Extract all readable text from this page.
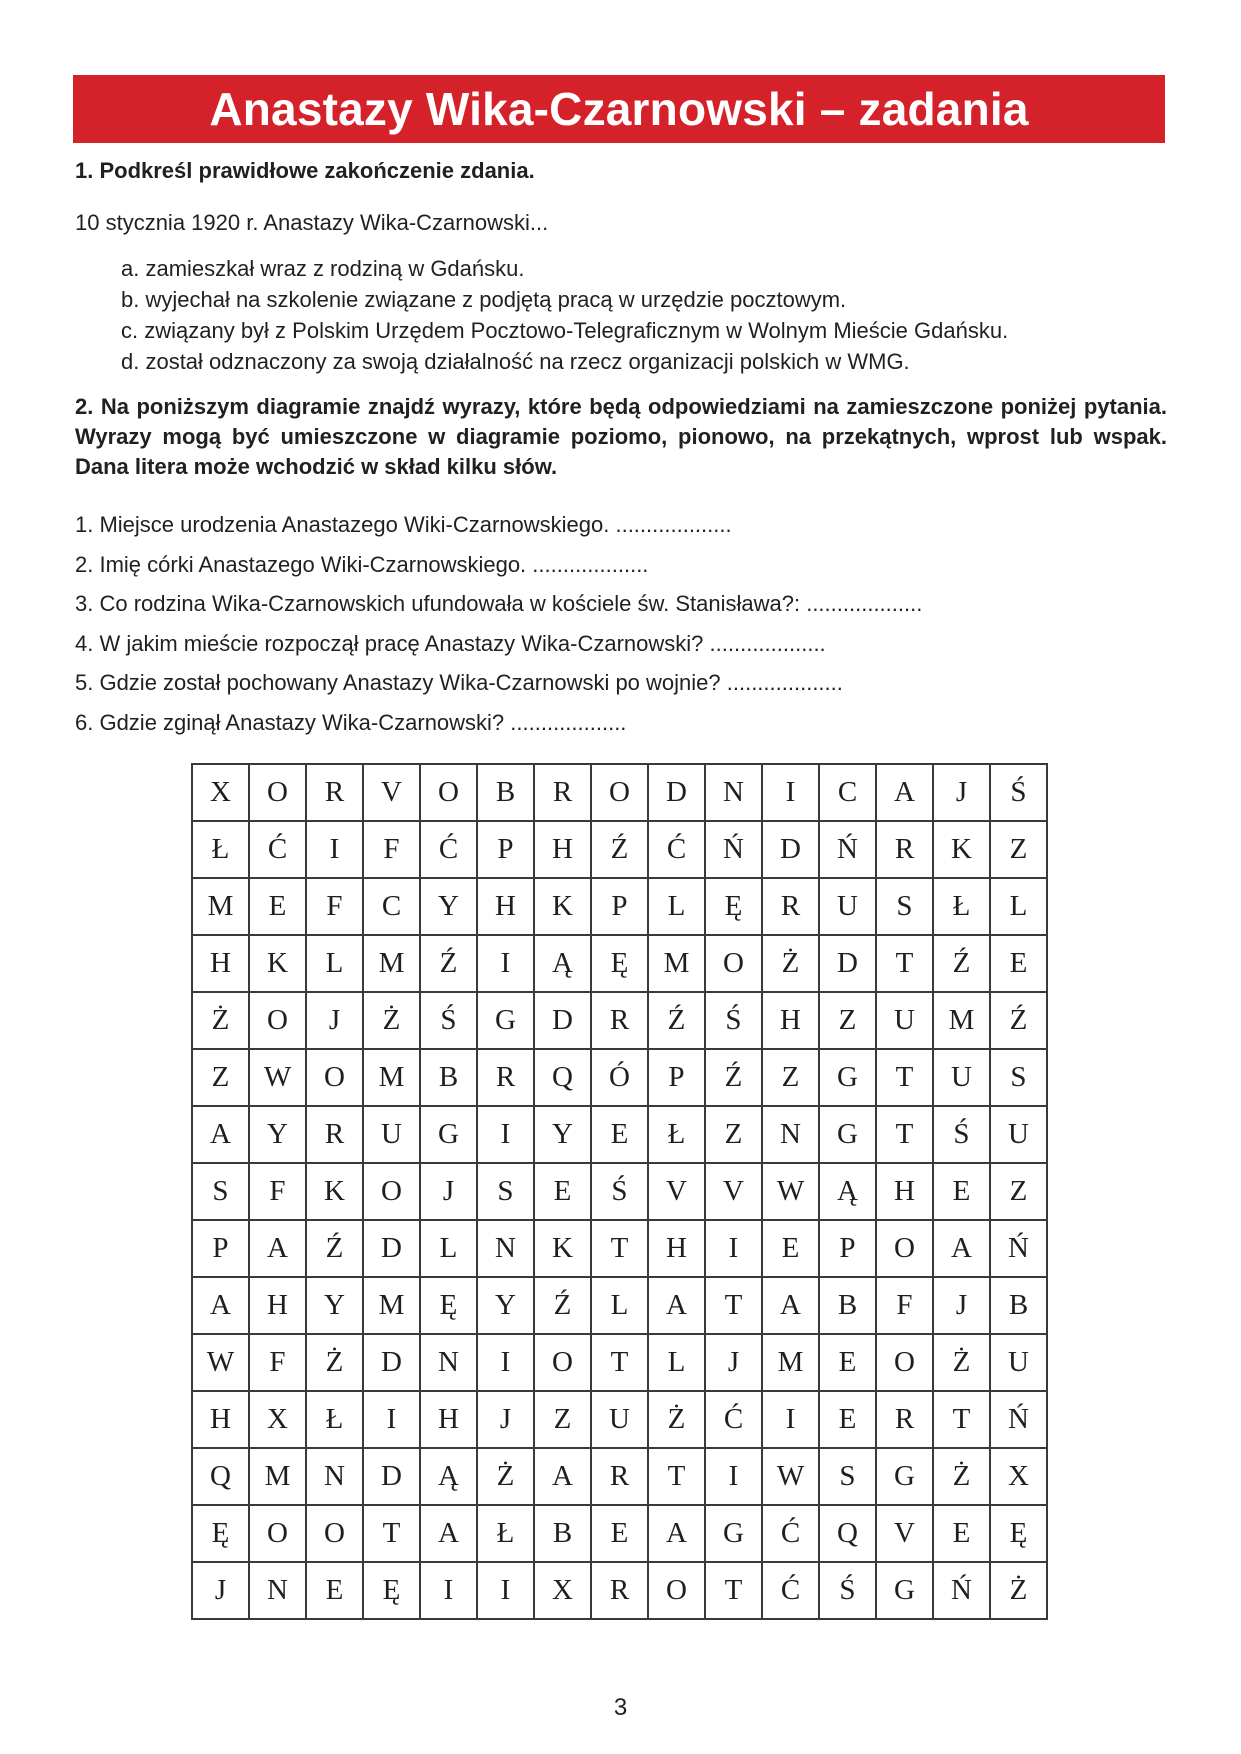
Anastazy Wika-Czarnowski – zadania
1. Podkreśl prawidłowe zakończenie zdania.
10 stycznia 1920 r. Anastazy Wika-Czarnowski...
a. zamieszkał wraz z rodziną w Gdańsku.
b. wyjechał na szkolenie związane z podjętą pracą w urzędzie pocztowym.
c. związany był z Polskim Urzędem Pocztowo-Telegraficznym w Wolnym Mieście Gdańsku.
d. został odznaczony za swoją działalność na rzecz organizacji polskich w WMG.
2. Na poniższym diagramie znajdź wyrazy, które będą odpowiedziami na zamieszczone poniżej pytania. Wyrazy mogą być umieszczone w diagramie poziomo, pionowo, na przekątnych, wprost lub wspak. Dana litera może wchodzić w skład kilku słów.
1. Miejsce urodzenia Anastazego Wiki-Czarnowskiego. ...................
2. Imię córki Anastazego Wiki-Czarnowskiego. ...................
3. Co rodzina Wika-Czarnowskich ufundowała w kościele św. Stanisława?: ...................
4. W jakim mieście rozpoczął pracę Anastazy Wika-Czarnowski? ...................
5. Gdzie został pochowany Anastazy Wika-Czarnowski po wojnie? ...................
6. Gdzie zginął Anastazy Wika-Czarnowski? ...................
X	O	R	V	O	B	R	O	D	N	I	C	A	J	Ś
Ł	Ć	I	F	Ć	P	H	Ź	Ć	Ń	D	Ń	R	K	Z
M	E	F	C	Y	H	K	P	L	Ę	R	U	S	Ł	L
H	K	L	M	Ź	I	Ą	Ę	M	O	Ż	D	T	Ź	E
Ż	O	J	Ż	Ś	G	D	R	Ź	Ś	H	Z	U	M	Ź
Z	W	O	M	B	R	Q	Ó	P	Ź	Z	G	T	U	S
A	Y	R	U	G	I	Y	E	Ł	Z	N	G	T	Ś	U
S	F	K	O	J	S	E	Ś	V	V	W	Ą	H	E	Z
P	A	Ź	D	L	N	K	T	H	I	E	P	O	A	Ń
A	H	Y	M	Ę	Y	Ź	L	A	T	A	B	F	J	B
W	F	Ż	D	N	I	O	T	L	J	M	E	O	Ż	U
H	X	Ł	I	H	J	Z	U	Ż	Ć	I	E	R	T	Ń
Q	M	N	D	Ą	Ż	A	R	T	I	W	S	G	Ż	X
Ę	O	O	T	A	Ł	B	E	A	G	Ć	Q	V	E	Ę
J	N	E	Ę	I	I	X	R	O	T	Ć	Ś	G	Ń	Ż
3
